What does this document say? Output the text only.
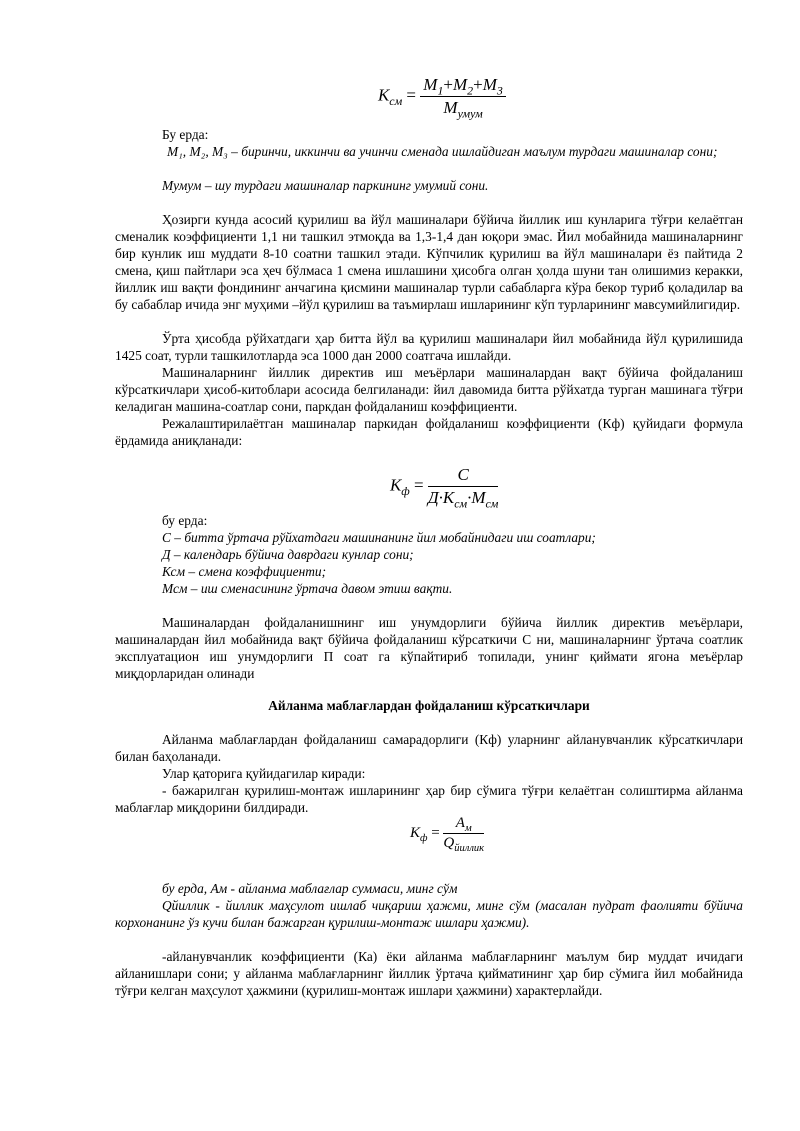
$К_{см} = \frac{М_1+М_2+М_3}{М_{умум}}$

Бу ерда:

М₁, М₂, М₃ – биринчи, иккинчи ва учинчи сменада ишлайдиган маълум турдаги машиналар сони;

Мумум – шу турдаги машиналар паркининг умумий сони.

Ҳозирги кунда асосий қурилиш ва йўл машиналари бўйича йиллик иш кунларига тўғри келаётган сменалик коэффициенти 1,1 ни ташкил этмоқда ва 1,3-1,4 дан юқори эмас. Йил мобайнида машиналарнинг бир кунлик иш муддати 8-10 соатни ташкил этади. Кўпчилик қурилиш ва йўл машиналари ёз пайтида 2 смена, қиш пайтлари эса ҳеч бўлмаса 1 смена ишлашини ҳисобга олган ҳолда шуни тан олишимиз керакки, йиллик иш вақти фондининг анчагина қисмини машиналар турли сабабларга кўра бекор туриб қоладилар ва бу сабаблар ичида энг муҳими –йўл қурилиш ва таъмирлаш ишларининг кўп турларининг мавсумийлигидир.

Ўрта ҳисобда рўйхатдаги ҳар битта йўл ва қурилиш машиналари йил мобайнида йўл қурилишида 1425 соат, турли ташкилотларда эса 1000 дан 2000 соатгача ишлайди.

Машиналарнинг йиллик директив иш меъёрлари машиналардан вақт бўйича фойдаланиш кўрсаткичлари ҳисоб-китоблари асосида белгиланади: йил давомида битта рўйхатда турган машинага тўғри келадиган машина-соатлар сони, паркдан фойдаланиш коэффициенти.

Режалаштирилаётган машиналар паркидан фойдаланиш коэффициенти (Кф) қуйидаги формула ёрдамида аниқланади:

$К_ф = \frac{С}{Д\cdot К_{см}\cdot М_{см}}$

бу ерда:

С – битта ўртача рўйхатдаги машинанинг йил мобайнидаги иш соатлари;

Д – календарь бўйича даврдаги кунлар сони;

Ксм – смена коэффициенти;

Мсм – иш сменасининг ўртача давом этиш вақти.

Машиналардан фойдаланишнинг иш унумдорлиги бўйича йиллик директив меъёрлари, машиналардан йил мобайнида вақт бўйича фойдаланиш кўрсаткичи С ни, машиналарнинг ўртача соатлик эксплуатацион иш унумдорлиги П соат га кўпайтириб топилади, унинг қиймати ягона меъёрлар миқдорларидан олинади

Айланма маблағлардан фойдаланиш кўрсаткичлари

Айланма маблағлардан фойдаланиш самарадорлиги (Кф) уларнинг айланувчанлик кўрсаткичлари билан баҳоланади.

Улар қаторига қуйидагилар киради:

- бажарилган қурилиш-монтаж ишларининг ҳар бир сўмига тўғри келаётган солиштирма айланма маблағлар миқдорини билдиради.

$К_ф = \frac{А_м}{Q_{йиллик}}$

бу ерда, Ам - айланма маблағлар суммаси, минг сўм

Qйиллик - йиллик маҳсулот ишлаб чиқариш ҳажми, минг сўм (масалан пудрат фаолияти бўйича корхонанинг ўз кучи билан бажарган қурилиш-монтаж ишлари ҳажми).

-айланувчанлик коэффициенти (Ка) ёки айланма маблағларнинг маълум бир муддат ичидаги айланишлари сони; у айланма маблағларнинг йиллик ўртача қийматининг ҳар бир сўмига йил мобайнида тўғри келган маҳсулот ҳажмини (қурилиш-монтаж ишлари ҳажмини) характерлайди.
